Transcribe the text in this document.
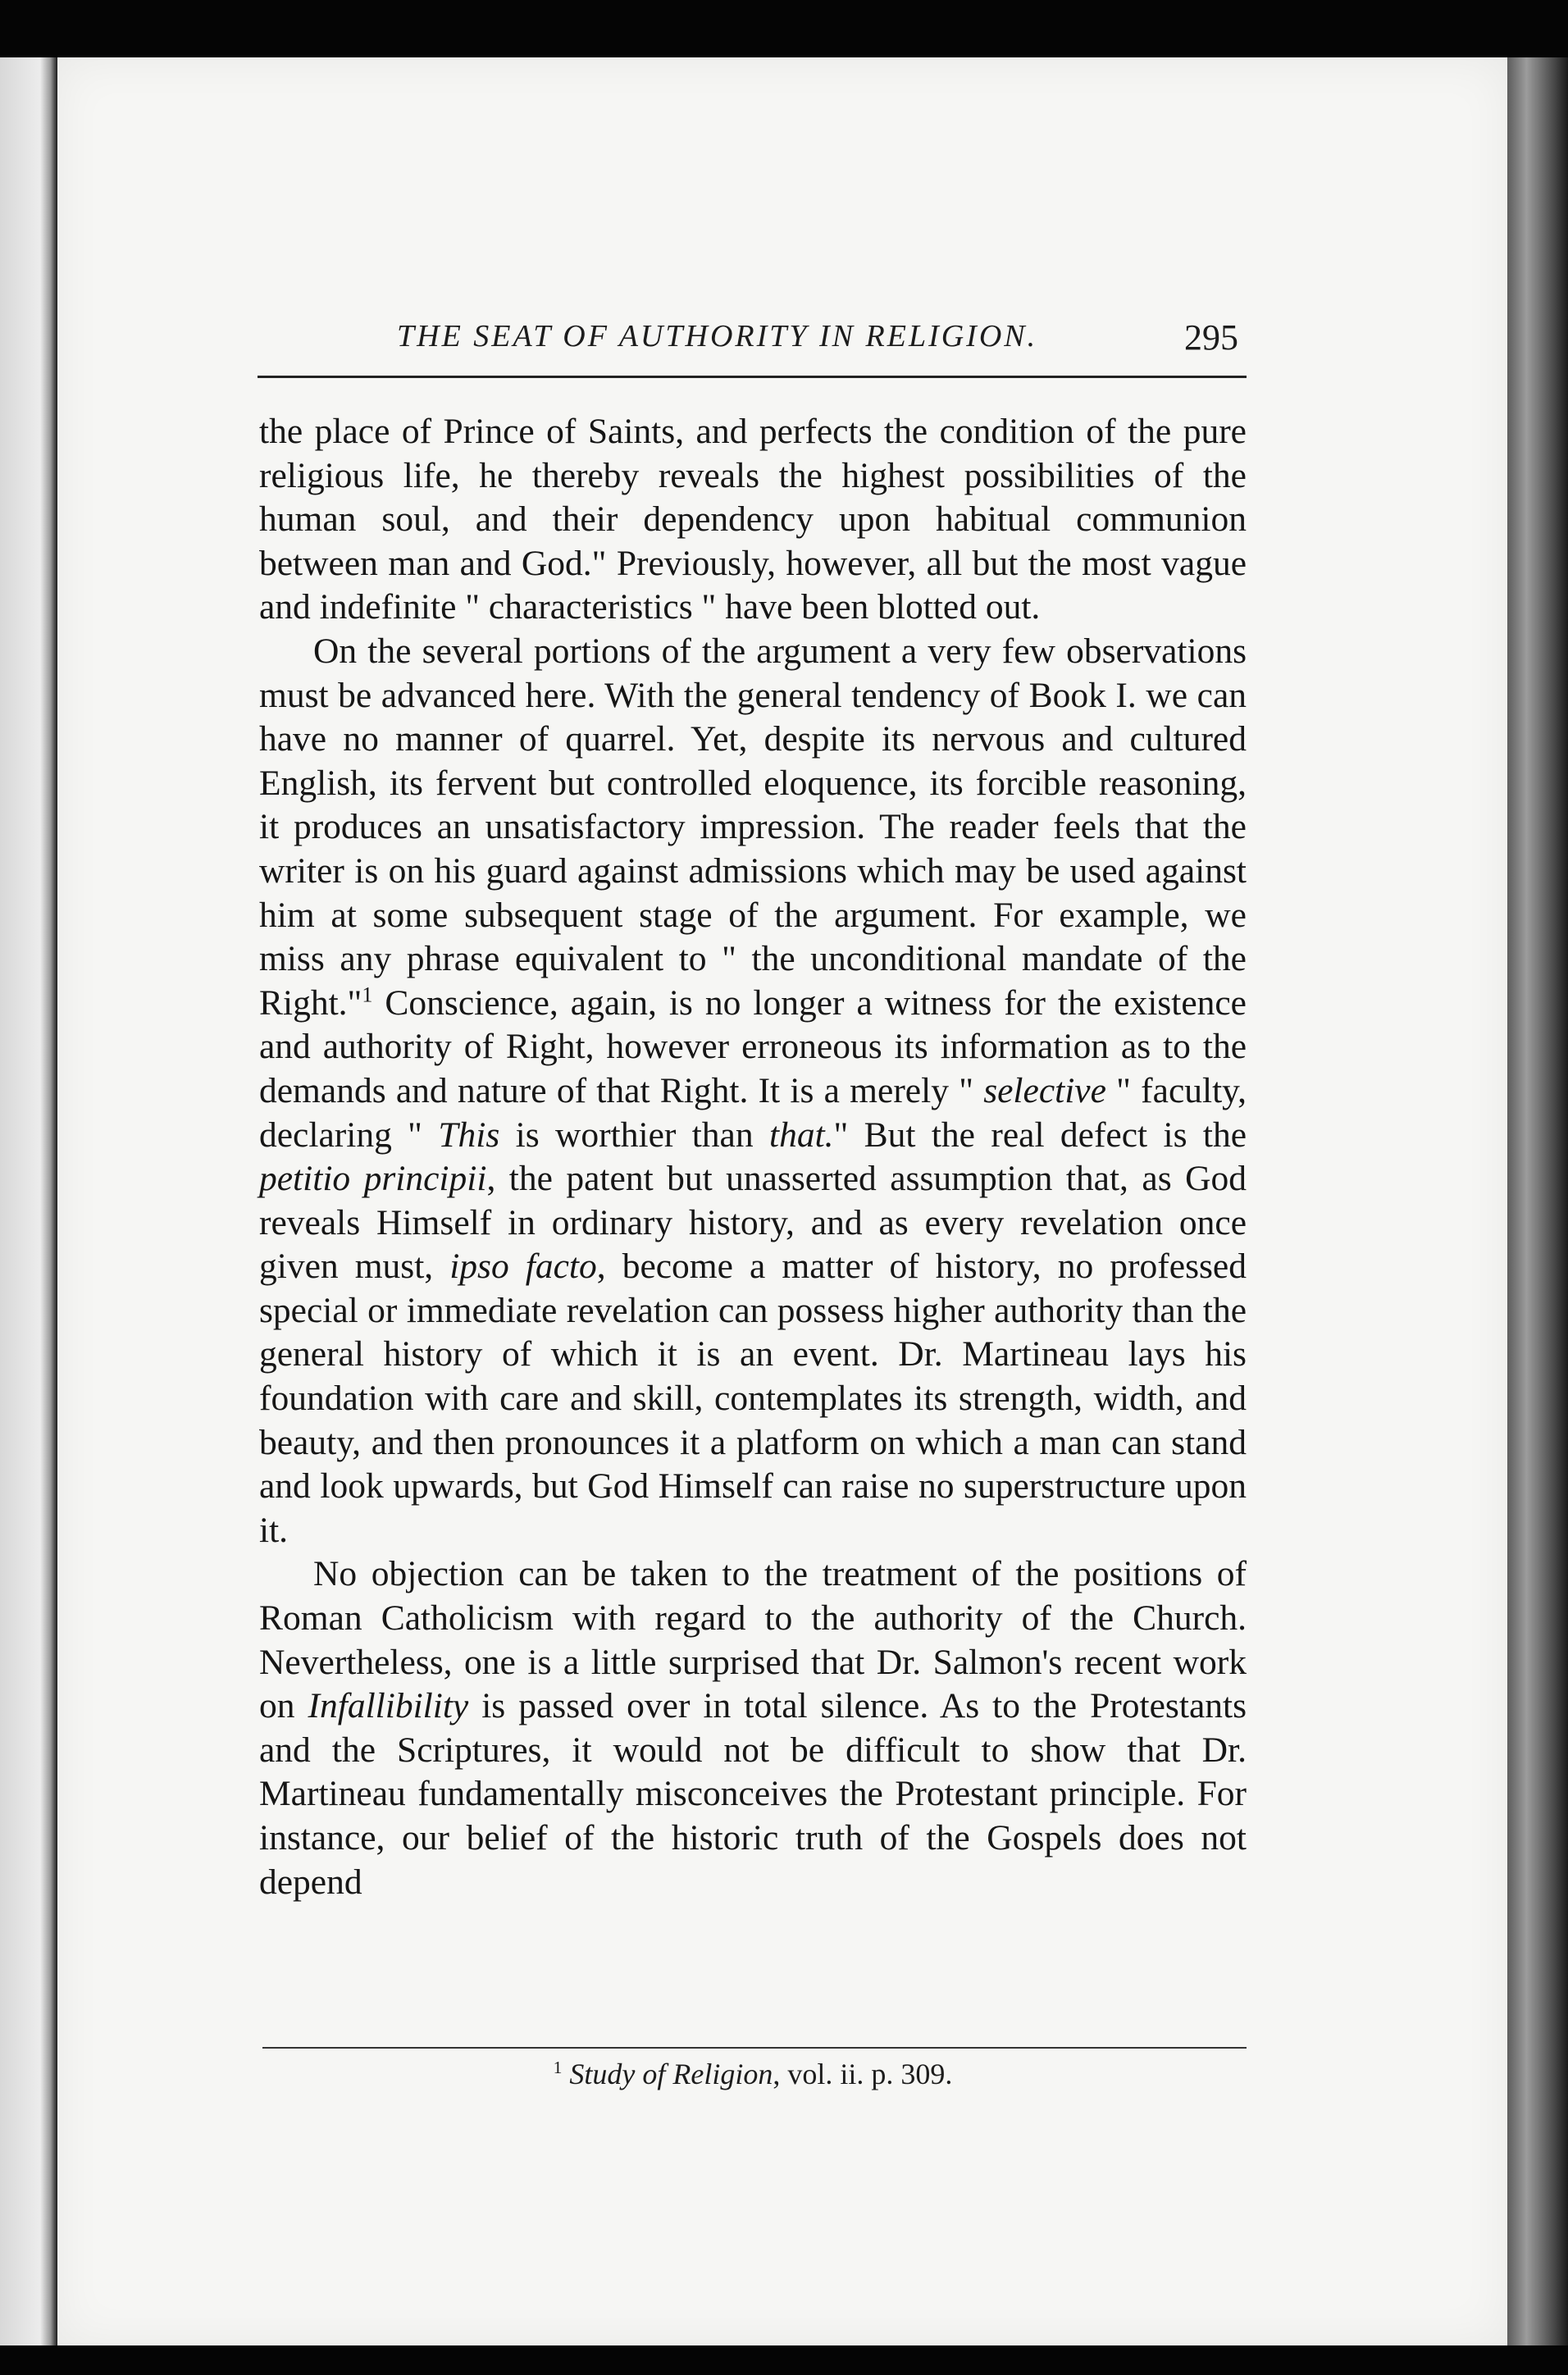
THE SEAT OF AUTHORITY IN RELIGION.	295

the place of Prince of Saints, and perfects the condition of the pure religious life, he thereby reveals the highest possibilities of the human soul, and their dependency upon habitual communion between man and God." Previously, however, all but the most vague and indefinite " characteristics " have been blotted out.

On the several portions of the argument a very few observations must be advanced here. With the general tendency of Book I. we can have no manner of quarrel. Yet, despite its nervous and cultured English, its fervent but controlled eloquence, its forcible reasoning, it produces an unsatisfactory impression. The reader feels that the writer is on his guard against admissions which may be used against him at some subsequent stage of the argument. For example, we miss any phrase equivalent to " the unconditional mandate of the Right."$^1$ Conscience, again, is no longer a witness for the existence and authority of Right, however erroneous its information as to the demands and nature of that Right. It is a merely " selective " faculty, declaring " This is worthier than that." But the real defect is the petitio principii, the patent but unasserted assumption that, as God reveals Himself in ordinary history, and as every revelation once given must, ipso facto, become a matter of history, no professed special or immediate revelation can possess higher authority than the general history of which it is an event. Dr. Martineau lays his foundation with care and skill, contemplates its strength, width, and beauty, and then pronounces it a platform on which a man can stand and look upwards, but God Himself can raise no superstructure upon it.

No objection can be taken to the treatment of the positions of Roman Catholicism with regard to the authority of the Church. Nevertheless, one is a little surprised that Dr. Salmon's recent work on Infallibility is passed over in total silence. As to the Protestants and the Scriptures, it would not be difficult to show that Dr. Martineau fundamentally misconceives the Protestant principle. For instance, our belief of the historic truth of the Gospels does not depend

$^1$ Study of Religion, vol. ii. p. 309.
